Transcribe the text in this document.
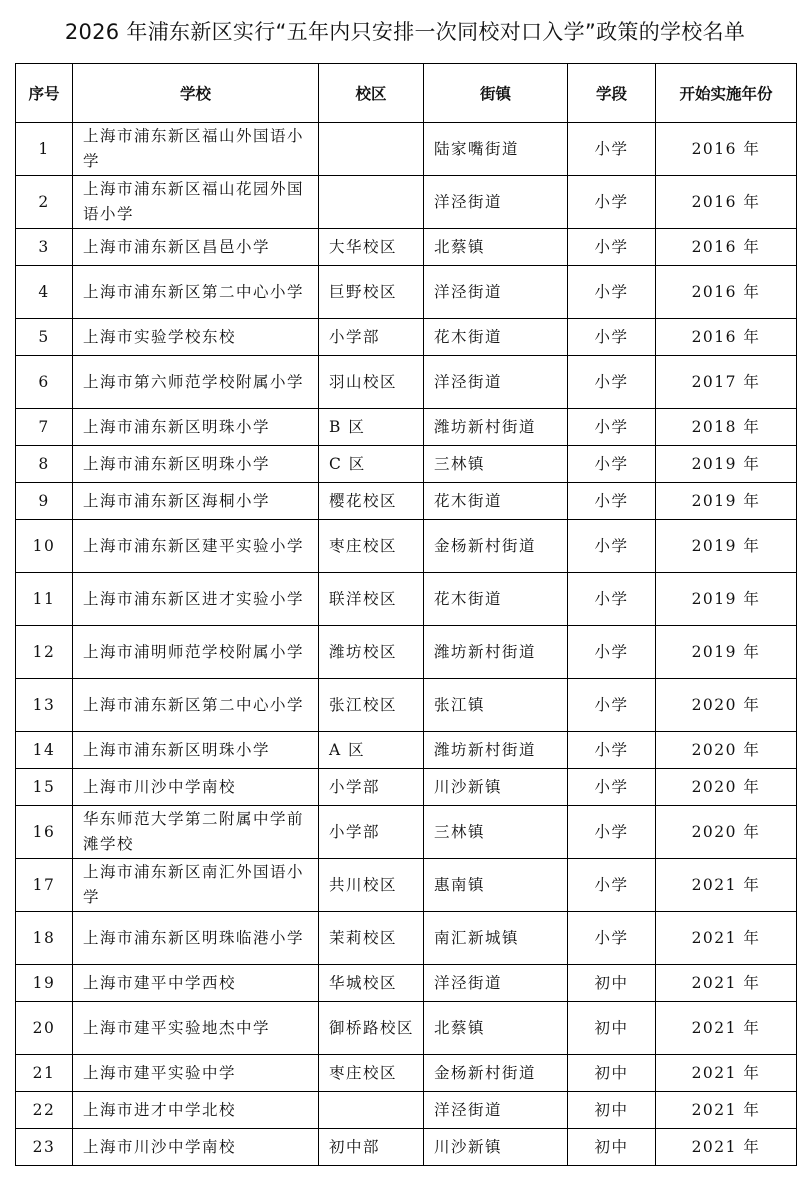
2026 年浦东新区实行“五年内只安排一次同校对口入学”政策的学校名单
序号	学校	校区	街镇	学段	开始实施年份
1	上海市浦东新区福山外国语小学		陆家嘴街道	小学	2016 年
2	上海市浦东新区福山花园外国语小学		洋泾街道	小学	2016 年
3	上海市浦东新区昌邑小学	大华校区	北蔡镇	小学	2016 年
4	上海市浦东新区第二中心小学	巨野校区	洋泾街道	小学	2016 年
5	上海市实验学校东校	小学部	花木街道	小学	2016 年
6	上海市第六师范学校附属小学	羽山校区	洋泾街道	小学	2017 年
7	上海市浦东新区明珠小学	B 区	潍坊新村街道	小学	2018 年
8	上海市浦东新区明珠小学	C 区	三林镇	小学	2019 年
9	上海市浦东新区海桐小学	樱花校区	花木街道	小学	2019 年
10	上海市浦东新区建平实验小学	枣庄校区	金杨新村街道	小学	2019 年
11	上海市浦东新区进才实验小学	联洋校区	花木街道	小学	2019 年
12	上海市浦明师范学校附属小学	潍坊校区	潍坊新村街道	小学	2019 年
13	上海市浦东新区第二中心小学	张江校区	张江镇	小学	2020 年
14	上海市浦东新区明珠小学	A 区	潍坊新村街道	小学	2020 年
15	上海市川沙中学南校	小学部	川沙新镇	小学	2020 年
16	华东师范大学第二附属中学前滩学校	小学部	三林镇	小学	2020 年
17	上海市浦东新区南汇外国语小学	共川校区	惠南镇	小学	2021 年
18	上海市浦东新区明珠临港小学	茉莉校区	南汇新城镇	小学	2021 年
19	上海市建平中学西校	华城校区	洋泾街道	初中	2021 年
20	上海市建平实验地杰中学	御桥路校区	北蔡镇	初中	2021 年
21	上海市建平实验中学	枣庄校区	金杨新村街道	初中	2021 年
22	上海市进才中学北校		洋泾街道	初中	2021 年
23	上海市川沙中学南校	初中部	川沙新镇	初中	2021 年
